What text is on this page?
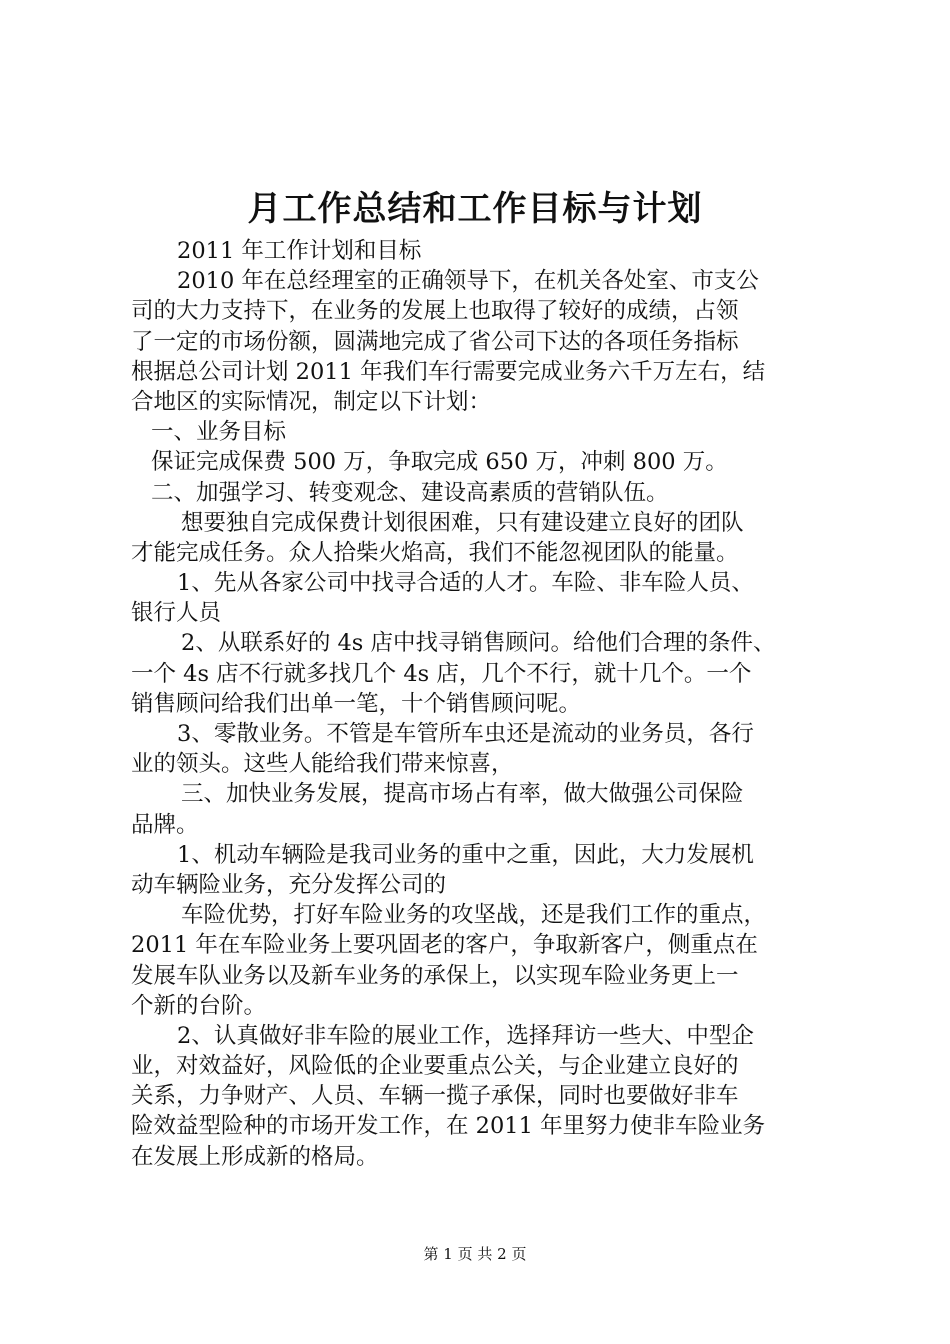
月工作总结和工作目标与计划
2011 年工作计划和目标
2010 年在总经理室的正确领导下，在机关各处室、市支公
司的大力支持下，在业务的发展上也取得了较好的成绩，占领
了一定的市场份额，圆满地完成了省公司下达的各项任务指标
根据总公司计划 2011 年我们车行需要完成业务六千万左右，结
合地区的实际情况，制定以下计划：
一、业务目标
保证完成保费 500 万，争取完成 650 万，冲刺 800 万。
二、加强学习、转变观念、建设高素质的营销队伍。
想要独自完成保费计划很困难，只有建设建立良好的团队
才能完成任务。众人拾柴火焰高，我们不能忽视团队的能量。
1、先从各家公司中找寻合适的人才。车险、非车险人员、
银行人员
2、从联系好的 4s 店中找寻销售顾问。给他们合理的条件、
一个 4s 店不行就多找几个 4s 店，几个不行，就十几个。一个
销售顾问给我们出单一笔，十个销售顾问呢。
3、零散业务。不管是车管所车虫还是流动的业务员，各行
业的领头。这些人能给我们带来惊喜，
三、加快业务发展，提高市场占有率，做大做强公司保险
品牌。
1、机动车辆险是我司业务的重中之重，因此，大力发展机
动车辆险业务，充分发挥公司的
车险优势，打好车险业务的攻坚战，还是我们工作的重点，
2011 年在车险业务上要巩固老的客户，争取新客户，侧重点在
发展车队业务以及新车业务的承保上，以实现车险业务更上一
个新的台阶。
2、认真做好非车险的展业工作，选择拜访一些大、中型企
业，对效益好，风险低的企业要重点公关，与企业建立良好的
关系，力争财产、人员、车辆一揽子承保，同时也要做好非车
险效益型险种的市场开发工作，在 2011 年里努力使非车险业务
在发展上形成新的格局。
第 1 页 共 2 页
